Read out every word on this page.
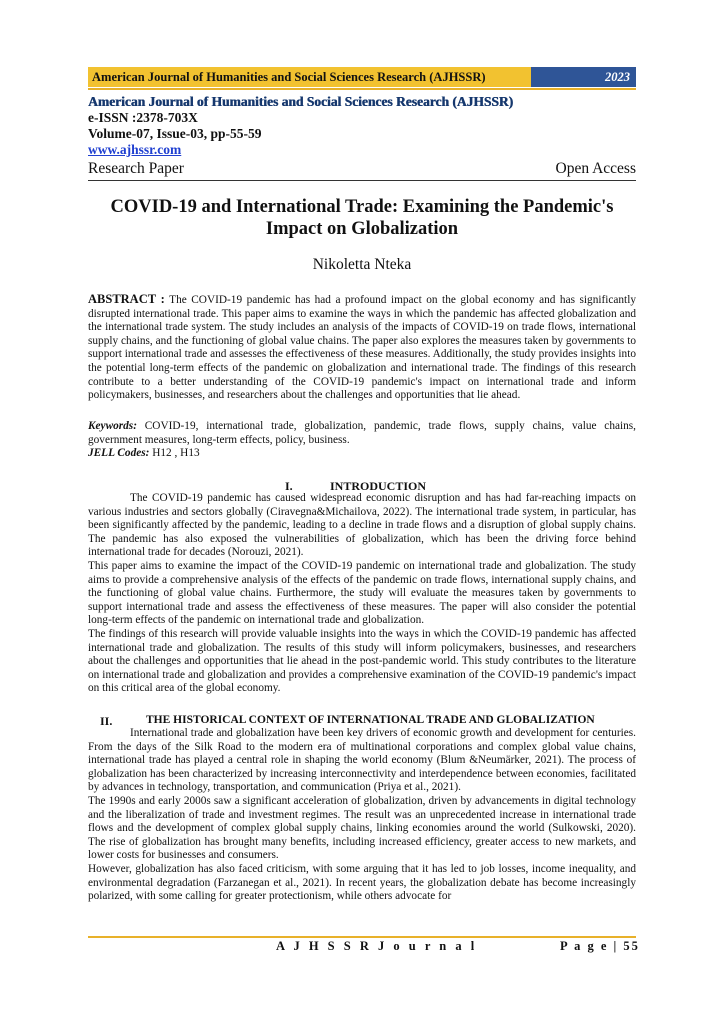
American Journal of Humanities and Social Sciences Research (AJHSSR)	2023
American Journal of Humanities and Social Sciences Research (AJHSSR)
e-ISSN :2378-703X
Volume-07, Issue-03, pp-55-59
www.ajhssr.com
Research Paper	Open Access
COVID-19 and International Trade: Examining the Pandemic's Impact on Globalization
Nikoletta Nteka
ABSTRACT : The COVID-19 pandemic has had a profound impact on the global economy and has significantly disrupted international trade. This paper aims to examine the ways in which the pandemic has affected globalization and the international trade system. The study includes an analysis of the impacts of COVID-19 on trade flows, international supply chains, and the functioning of global value chains. The paper also explores the measures taken by governments to support international trade and assesses the effectiveness of these measures. Additionally, the study provides insights into the potential long-term effects of the pandemic on globalization and international trade. The findings of this research contribute to a better understanding of the COVID-19 pandemic's impact on international trade and inform policymakers, businesses, and researchers about the challenges and opportunities that lie ahead.
Keywords: COVID-19, international trade, globalization, pandemic, trade flows, supply chains, value chains, government measures, long-term effects, policy, business.
JELL Codes: H12 , H13
I.	INTRODUCTION

The COVID-19 pandemic has caused widespread economic disruption and has had far-reaching impacts on various industries and sectors globally (Ciravegna&Michailova, 2022). The international trade system, in particular, has been significantly affected by the pandemic, leading to a decline in trade flows and a disruption of global supply chains. The pandemic has also exposed the vulnerabilities of globalization, which has been the driving force behind international trade for decades (Norouzi, 2021).

This paper aims to examine the impact of the COVID-19 pandemic on international trade and globalization. The study aims to provide a comprehensive analysis of the effects of the pandemic on trade flows, international supply chains, and the functioning of global value chains. Furthermore, the study will evaluate the measures taken by governments to support international trade and assess the effectiveness of these measures. The paper will also consider the potential long-term effects of the pandemic on international trade and globalization.

The findings of this research will provide valuable insights into the ways in which the COVID-19 pandemic has affected international trade and globalization. The results of this study will inform policymakers, businesses, and researchers about the challenges and opportunities that lie ahead in the post-pandemic world. This study contributes to the literature on international trade and globalization and provides a comprehensive examination of the COVID-19 pandemic's impact on this critical area of the global economy.

II.	THE HISTORICAL CONTEXT OF INTERNATIONAL TRADE AND GLOBALIZATION

International trade and globalization have been key drivers of economic growth and development for centuries. From the days of the Silk Road to the modern era of multinational corporations and complex global value chains, international trade has played a central role in shaping the world economy (Blum &Neumärker, 2021). The process of globalization has been characterized by increasing interconnectivity and interdependence between economies, facilitated by advances in technology, transportation, and communication (Priya et al., 2021).

The 1990s and early 2000s saw a significant acceleration of globalization, driven by advancements in digital technology and the liberalization of trade and investment regimes. The result was an unprecedented increase in international trade flows and the development of complex global supply chains, linking economies around the world (Sulkowski, 2020). The rise of globalization has brought many benefits, including increased efficiency, greater access to new markets, and lower costs for businesses and consumers.

However, globalization has also faced criticism, with some arguing that it has led to job losses, income inequality, and environmental degradation (Farzanegan et al., 2021). In recent years, the globalization debate has become increasingly polarized, with some calling for greater protectionism, while others advocate for

A J H S S R J o u r n a l	P a g e | 55
